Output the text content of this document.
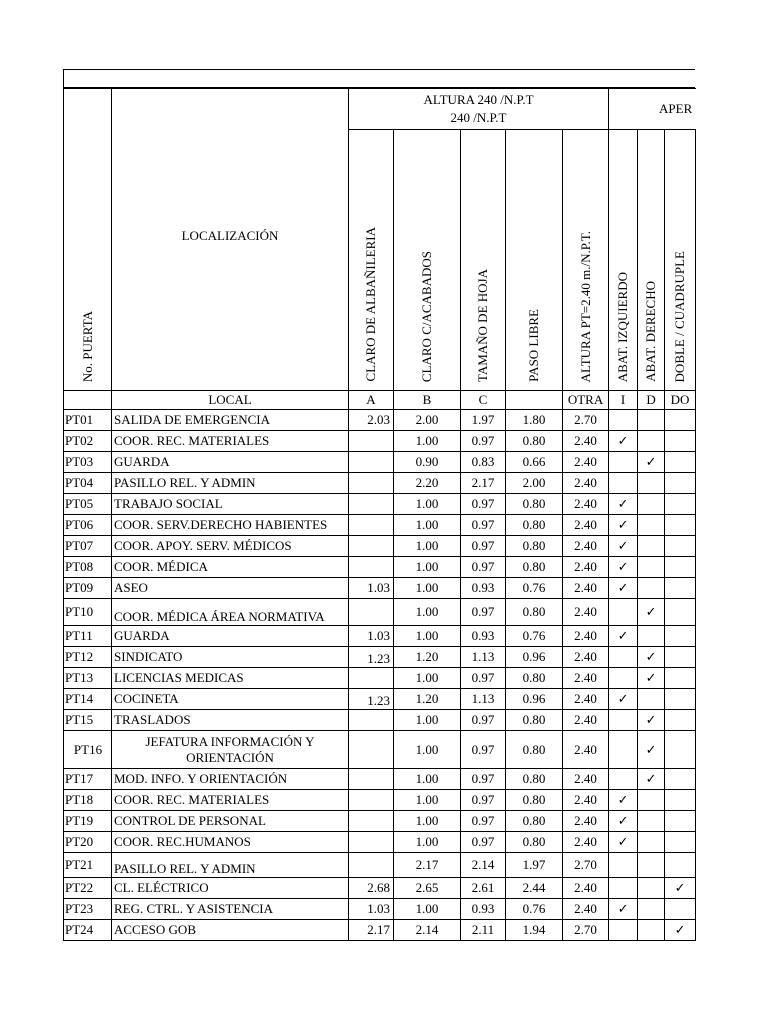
No. PUERTA	LOCALIZACIÓN	ALTURA 240 /N.P.T
240 /N.P.T					APER		
		CLARO DE ALBAÑILERIA	CLARO C/ACABADOS	TAMAÑO DE HOJA	PASO LIBRE	ALTURA PT=2.40 m./N.P.T.	ABAT. IZQUIERDO	ABAT. DERECHO	DOBLE / CUADRUPLE
	LOCAL	A	B	C		OTRA	I	D	DO
PT01	SALIDA DE EMERGENCIA	2.03	2.00	1.97	1.80	2.70			
PT02	COOR. REC. MATERIALES		1.00	0.97	0.80	2.40	✓		
PT03	GUARDA		0.90	0.83	0.66	2.40		✓	
PT04	PASILLO REL. Y ADMIN		2.20	2.17	2.00	2.40			
PT05	TRABAJO SOCIAL		1.00	0.97	0.80	2.40	✓		
PT06	COOR. SERV.DERECHO HABIENTES		1.00	0.97	0.80	2.40	✓		
PT07	COOR. APOY. SERV. MÉDICOS		1.00	0.97	0.80	2.40	✓		
PT08	COOR. MÉDICA		1.00	0.97	0.80	2.40	✓		
PT09	ASEO	1.03	1.00	0.93	0.76	2.40	✓		
PT10	COOR. MÉDICA ÁREA NORMATIVA		1.00	0.97	0.80	2.40		✓	
PT11	GUARDA	1.03	1.00	0.93	0.76	2.40	✓		
PT12	SINDICATO	1.23	1.20	1.13	0.96	2.40		✓	
PT13	LICENCIAS MEDICAS		1.00	0.97	0.80	2.40		✓	
PT14	COCINETA	1.23	1.20	1.13	0.96	2.40	✓		
PT15	TRASLADOS		1.00	0.97	0.80	2.40		✓	
PT16	JEFATURA INFORMACIÓN Y ORIENTACIÓN		1.00	0.97	0.80	2.40		✓	
PT17	MOD. INFO. Y ORIENTACIÓN		1.00	0.97	0.80	2.40		✓	
PT18	COOR. REC. MATERIALES		1.00	0.97	0.80	2.40	✓		
PT19	CONTROL DE PERSONAL		1.00	0.97	0.80	2.40	✓		
PT20	COOR. REC.HUMANOS		1.00	0.97	0.80	2.40	✓		
PT21	PASILLO REL. Y ADMIN		2.17	2.14	1.97	2.70			
PT22	CL. ELÉCTRICO	2.68	2.65	2.61	2.44	2.40			✓
PT23	REG. CTRL. Y ASISTENCIA	1.03	1.00	0.93	0.76	2.40	✓		
PT24	ACCESO GOB	2.17	2.14	2.11	1.94	2.70			✓
